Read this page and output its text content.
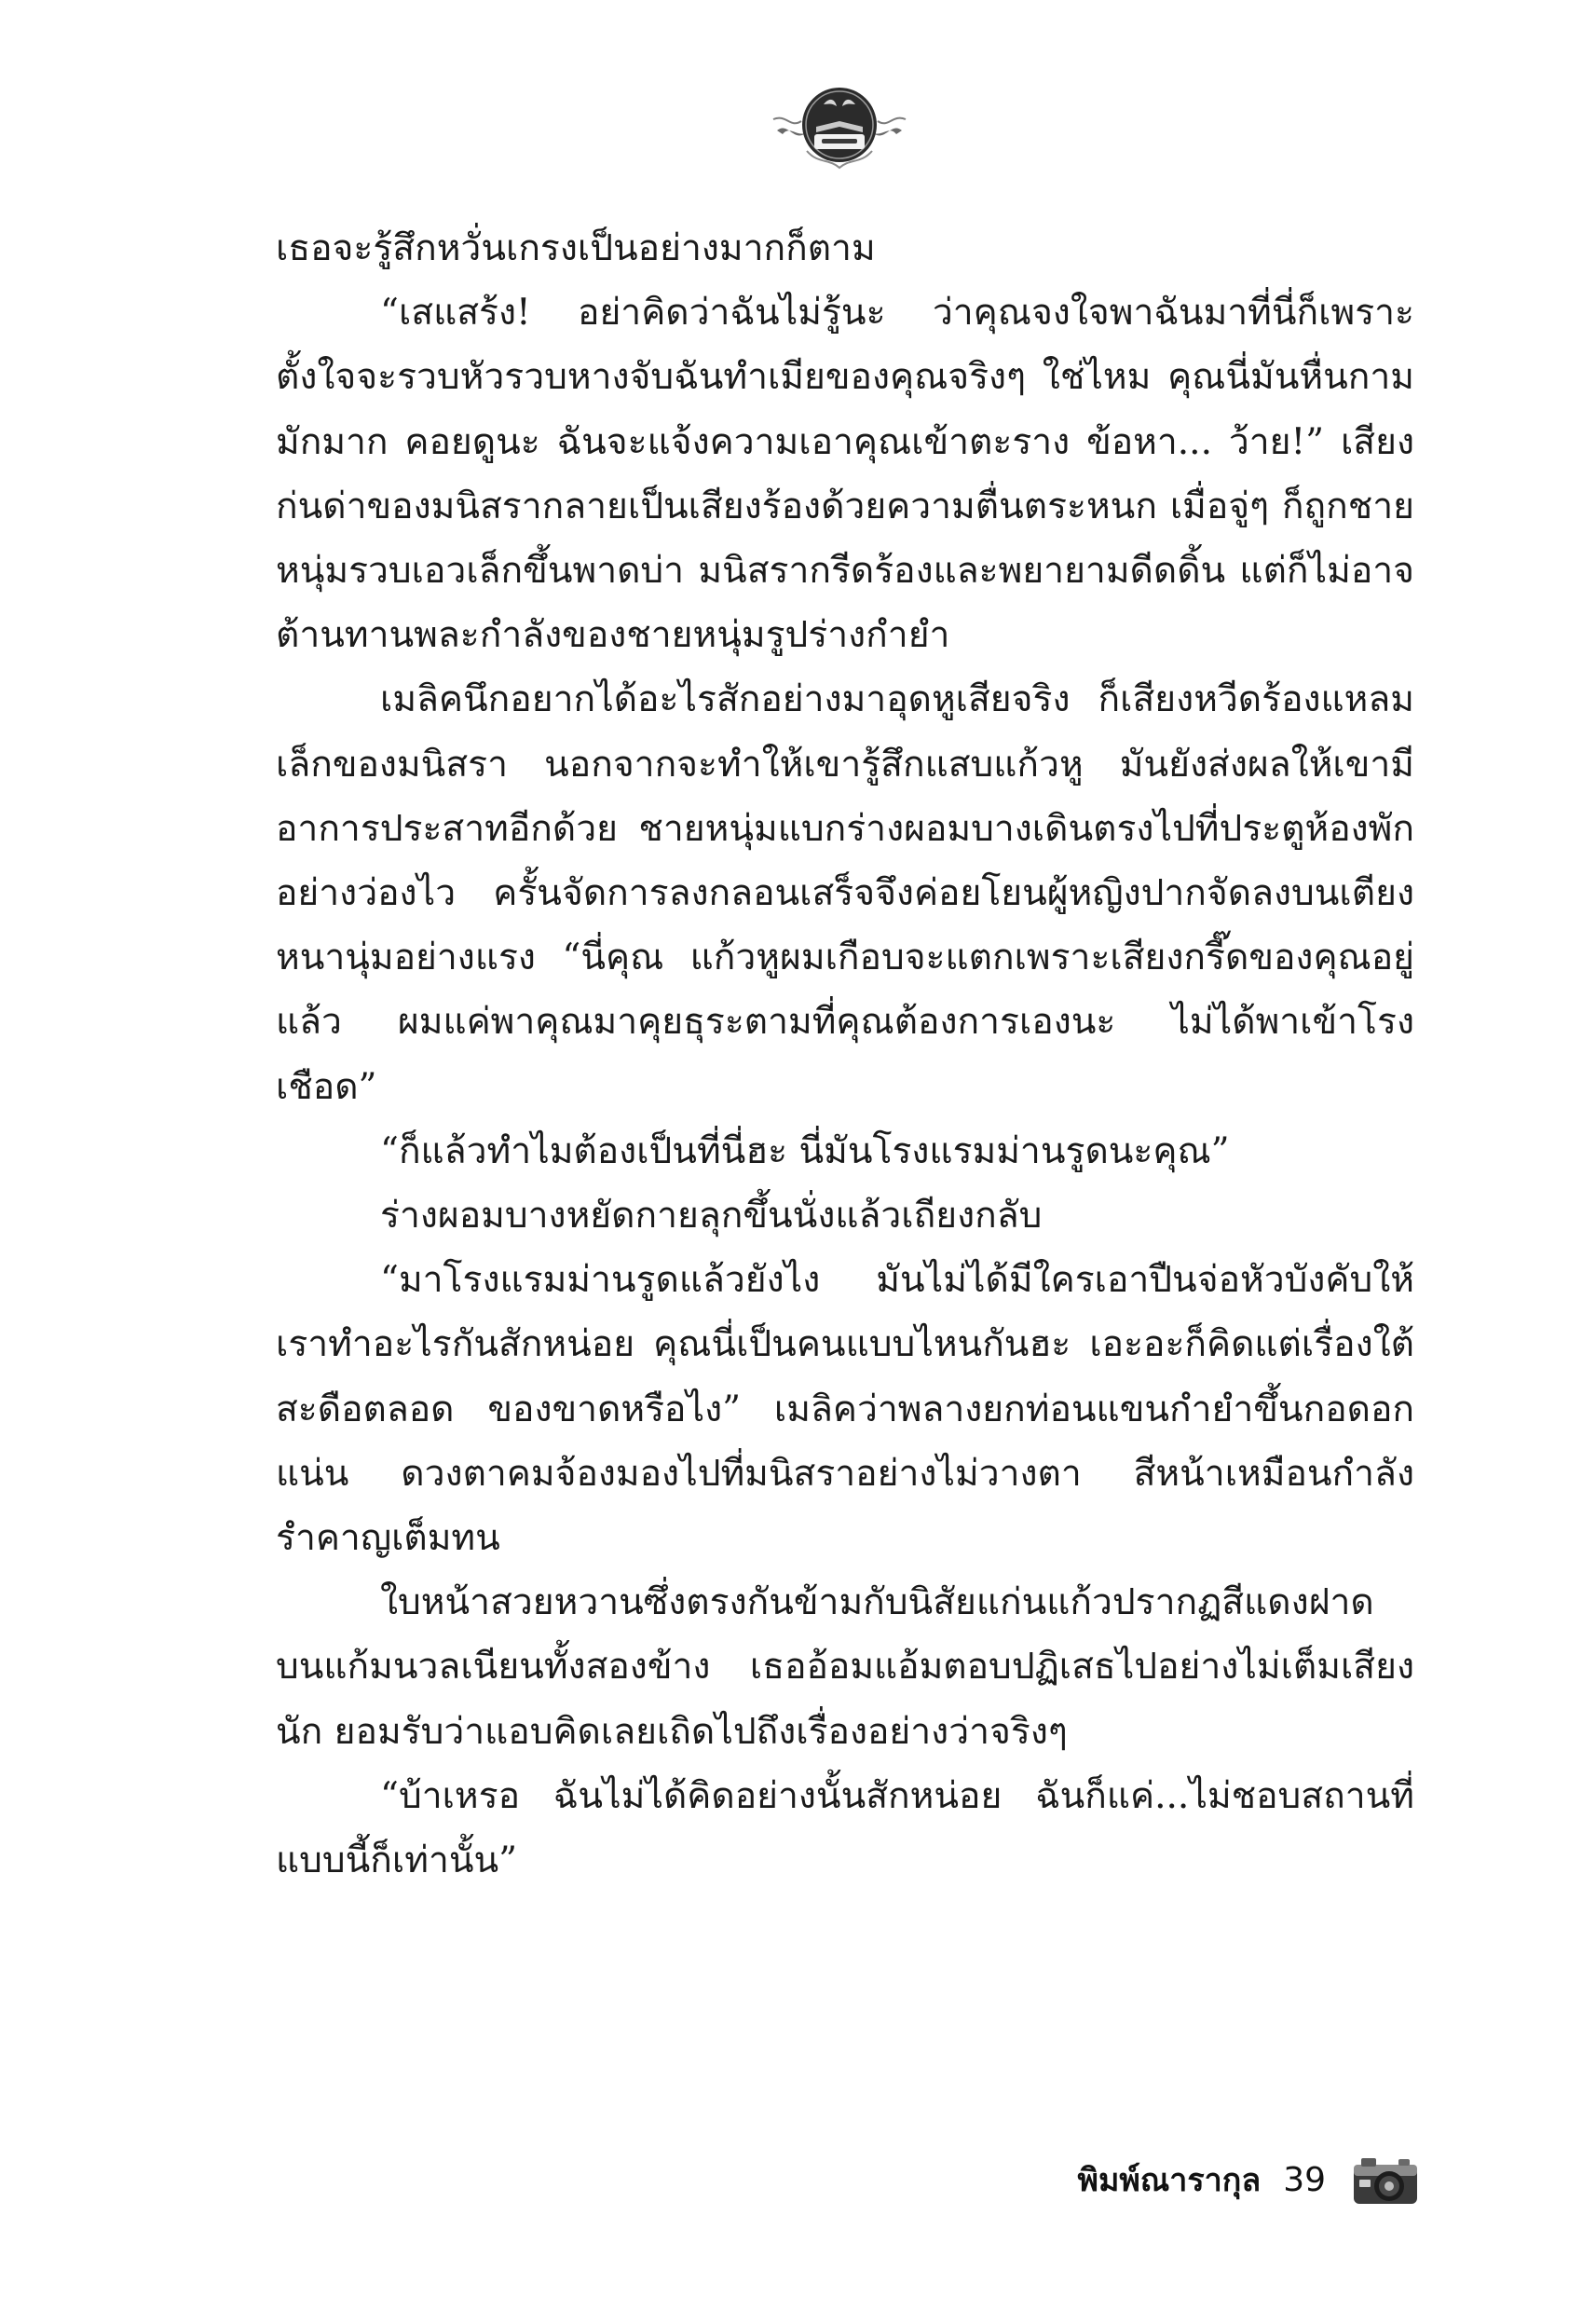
เธอจะรู้สึกหวั่นเกรงเป็นอย่างมากก็ตาม

“เสแสร้ง! อย่าคิดว่าฉันไม่รู้นะ ว่าคุณจงใจพาฉันมาที่นี่ก็เพราะตั้งใจจะรวบหัวรวบหางจับฉันทำเมียของคุณจริงๆ ใช่ไหม คุณนี่มันหื่นกาม มักมาก คอยดูนะ ฉันจะแจ้งความเอาคุณเข้าตะราง ข้อหา... ว้าย!” เสียงก่นด่าของมนิสรากลายเป็นเสียงร้องด้วยความตื่นตระหนก เมื่อจู่ๆ ก็ถูกชายหนุ่มรวบเอวเล็กขึ้นพาดบ่า มนิสรากรีดร้องและพยายามดีดดิ้น แต่ก็ไม่อาจต้านทานพละกำลังของชายหนุ่มรูปร่างกำยำ

เมลิคนึกอยากได้อะไรสักอย่างมาอุดหูเสียจริง ก็เสียงหวีดร้องแหลมเล็กของมนิสรา นอกจากจะทำให้เขารู้สึกแสบแก้วหู มันยังส่งผลให้เขามีอาการประสาทอีกด้วย ชายหนุ่มแบกร่างผอมบางเดินตรงไปที่ประตูห้องพักอย่างว่องไว ครั้นจัดการลงกลอนเสร็จจึงค่อยโยนผู้หญิงปากจัดลงบนเตียงหนานุ่มอย่างแรง “นี่คุณ แก้วหูผมเกือบจะแตกเพราะเสียงกรี๊ดของคุณอยู่แล้ว ผมแค่พาคุณมาคุยธุระตามที่คุณต้องการเองนะ ไม่ได้พาเข้าโรงเชือด”

“ก็แล้วทำไมต้องเป็นที่นี่ฮะ นี่มันโรงแรมม่านรูดนะคุณ”

ร่างผอมบางหยัดกายลุกขึ้นนั่งแล้วเถียงกลับ

“มาโรงแรมม่านรูดแล้วยังไง มันไม่ได้มีใครเอาปืนจ่อหัวบังคับให้เราทำอะไรกันสักหน่อย คุณนี่เป็นคนแบบไหนกันฮะ เอะอะก็คิดแต่เรื่องใต้สะดือตลอด ของขาดหรือไง” เมลิคว่าพลางยกท่อนแขนกำยำขึ้นกอดอกแน่น ดวงตาคมจ้องมองไปที่มนิสราอย่างไม่วางตา สีหน้าเหมือนกำลังรำคาญเต็มทน

ใบหน้าสวยหวานซึ่งตรงกันข้ามกับนิสัยแก่นแก้วปรากฏสีแดงฝาดบนแก้มนวลเนียนทั้งสองข้าง เธออ้อมแอ้มตอบปฏิเสธไปอย่างไม่เต็มเสียงนัก ยอมรับว่าแอบคิดเลยเถิดไปถึงเรื่องอย่างว่าจริงๆ

“บ้าเหรอ ฉันไม่ได้คิดอย่างนั้นสักหน่อย ฉันก็แค่...ไม่ชอบสถานที่แบบนี้ก็เท่านั้น”

พิมพ์ณารากุล 39
